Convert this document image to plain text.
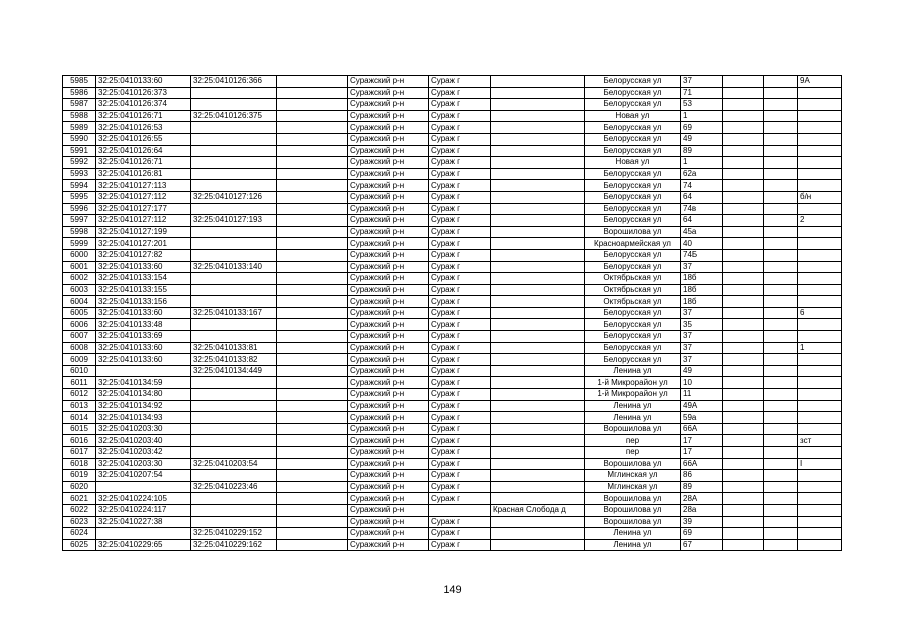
5985	32:25:0410133:60	32:25:0410126:366		Суражский р-н	Сураж г		Белорусская ул	37			9А
5986	32:25:0410126:373			Суражский р-н	Сураж г		Белорусская ул	71			
5987	32:25:0410126:374			Суражский р-н	Сураж г		Белорусская ул	53			
5988	32:25:0410126:71	32:25:0410126:375		Суражский р-н	Сураж г		Новая ул	1			
5989	32:25:0410126:53			Суражский р-н	Сураж г		Белорусская ул	69			
5990	32:25:0410126:55			Суражский р-н	Сураж г		Белорусская ул	49			
5991	32:25:0410126:64			Суражский р-н	Сураж г		Белорусская ул	89			
5992	32:25:0410126:71			Суражский р-н	Сураж г		Новая ул	1			
5993	32:25:0410126:81			Суражский р-н	Сураж г		Белорусская ул	62а			
5994	32:25:0410127:113			Суражский р-н	Сураж г		Белорусская ул	74			
5995	32:25:0410127:112	32:25:0410127:126		Суражский р-н	Сураж г		Белорусская ул	64			б/н
5996	32:25:0410127:177			Суражский р-н	Сураж г		Белорусская ул	74в			
5997	32:25:0410127:112	32:25:0410127:193		Суражский р-н	Сураж г		Белорусская ул	64			2
5998	32:25:0410127:199			Суражский р-н	Сураж г		Ворошилова ул	45а			
5999	32:25:0410127:201			Суражский р-н	Сураж г		Красноармейская ул	40			
6000	32:25:0410127:82			Суражский р-н	Сураж г		Белорусская ул	74Б			
6001	32:25:0410133:60	32:25:0410133:140		Суражский р-н	Сураж г		Белорусская ул	37			
6002	32:25:0410133:154			Суражский р-н	Сураж г		Октябрьская ул	18б			
6003	32:25:0410133:155			Суражский р-н	Сураж г		Октябрьская ул	18б			
6004	32:25:0410133:156			Суражский р-н	Сураж г		Октябрьская ул	18б			
6005	32:25:0410133:60	32:25:0410133:167		Суражский р-н	Сураж г		Белорусская ул	37			6
6006	32:25:0410133:48			Суражский р-н	Сураж г		Белорусская ул	35			
6007	32:25:0410133:69			Суражский р-н	Сураж г		Белорусская ул	37			
6008	32:25:0410133:60	32:25:0410133:81		Суражский р-н	Сураж г		Белорусская ул	37			1
6009	32:25:0410133:60	32:25:0410133:82		Суражский р-н	Сураж г		Белорусская ул	37			
6010		32:25:0410134:449		Суражский р-н	Сураж г		Ленина ул	49			
6011	32:25:0410134:59			Суражский р-н	Сураж г		1-й Микрорайон ул	10			
6012	32:25:0410134:80			Суражский р-н	Сураж г		1-й Микрорайон ул	11			
6013	32:25:0410134:92			Суражский р-н	Сураж г		Ленина ул	49А			
6014	32:25:0410134:93			Суражский р-н	Сураж г		Ленина ул	59а			
6015	32:25:0410203:30			Суражский р-н	Сураж г		Ворошилова ул	66А			
6016	32:25:0410203:40			Суражский р-н	Сураж г		пер	17			зст
6017	32:25:0410203:42			Суражский р-н	Сураж г		пер	17			
6018	32:25:0410203:30	32:25:0410203:54		Суражский р-н	Сураж г		Ворошилова ул	66А			I
6019	32:25:0410207:54			Суражский р-н	Сураж г		Мглинская ул	86			
6020		32:25:0410223:46		Суражский р-н	Сураж г		Мглинская ул	89			
6021	32:25:0410224:105			Суражский р-н	Сураж г		Ворошилова ул	28А			
6022	32:25:0410224:117			Суражский р-н		Красная Слобода д	Ворошилова ул	28а			
6023	32:25:0410227:38			Суражский р-н	Сураж г		Ворошилова ул	39			
6024		32:25:0410229:152		Суражский р-н	Сураж г		Ленина ул	69			
6025	32:25:0410229:65	32:25:0410229:162		Суражский р-н	Сураж г		Ленина ул	67			
149
